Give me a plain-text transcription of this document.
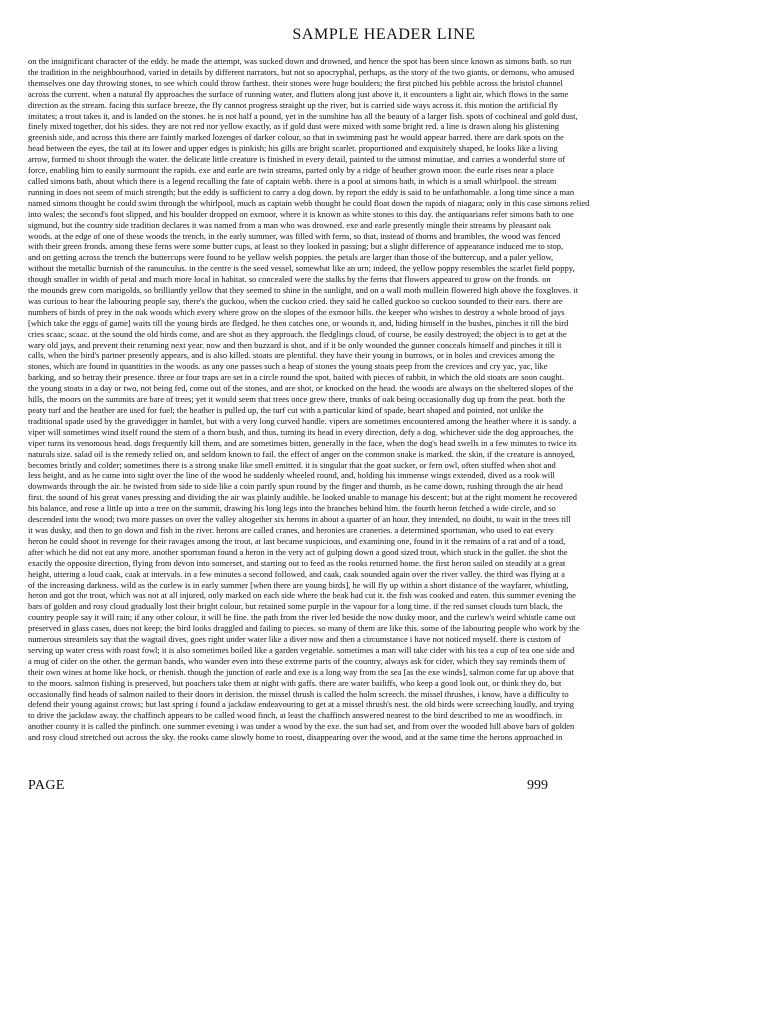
SAMPLE HEADER LINE
on the insignificant character of the eddy. he made the attempt, was sucked down and drowned, and hence the spot has been since known as simons bath. so run
the tradition in the neighbourhood, varied in details by different narrators, but not so apocryphal, perhaps, as the story of the two giants, or demons, who amused
themselves one day throwing stones, to see which could throw farthest. their stones were huge boulders; the first pitched his pebble across the bristol channel
across the current. when a natural fly approaches the surface of running water, and flutters along just above it, it encounters a light air, which flows in the same
direction as the stream. facing this surface breeze, the fly cannot progress straight up the river, but is carried side ways across it. this motion the artificial fly
imitates; a trout takes it, and is landed on the stones. he is not half a pound, yet in the sunshine has all the beauty of a larger fish. spots of cochineal and gold dust,
finely mixed together, dot his sides. they are not red nor yellow exactly, as if gold dust were mixed with some bright red. a line is drawn along his glistening
greenish side, and across this there are faintly marked lozenges of darker colour, so that in swimming past he would appear barred. there are dark spots on the
head between the eyes, the tail at its lower and upper edges is pinkish; his gills are bright scarlet. proportioned and exquisitely shaped, he looks like a living
arrow, formed to shoot through the water. the delicate little creature is finished in every detail, painted to the utmost minutiae, and carries a wonderful store of
force, enabling him to easily surmount the rapids. exe and earle are twin streams, parted only by a ridge of heather grown moor. the earle rises near a place
called simons bath, about which there is a legend recalling the fate of captain webb. there is a pool at simons bath, in which is a small whirlpool. the stream
running in does not seem of much strength; but the eddy is sufficient to carry a dog down. by report the eddy is said to be unfathomable. a long time since a man
named simons thought he could swim through the whirlpool, much as captain webb thought he could float down the rapids of niagara; only in this case simons relied
into wales; the second's foot slipped, and his boulder dropped on exmoor, where it is known as white stones to this day. the antiquarians refer simons bath to one
sigmund, but the country side tradition declares it was named from a man who was drowned. exe and earle presently mingle their streams by pleasant oak
woods. at the edge of one of these woods the trench, in the early summer, was filled with ferns, so that, instead of thorns and brambles, the wood was fenced
with their green fronds. among these ferns were some butter cups, at least so they looked in passing; but a slight difference of appearance induced me to stop,
and on getting across the trench the buttercups were found to be yellow welsh poppies. the petals are larger than those of the buttercup, and a paler yellow,
without the metallic burnish of the ranunculus. in the centre is the seed vessel, somewhat like an urn; indeed, the yellow poppy resembles the scarlet field poppy,
though smaller in width of petal and much more local in habitat. so concealed were the stalks by the ferns that flowers appeared to grow on the fronds. on
the mounds grew corn marigolds, so brilliantly yellow that they seemed to shine in the sunlight, and on a wall moth mullein flowered high above the foxgloves. it
was curious to hear the labouring people say, there's the guckoo, when the cuckoo cried. they said he called guckoo so cuckoo sounded to their ears. there are
numbers of birds of prey in the oak woods which every where grow on the slopes of the exmoor hills. the keeper who wishes to destroy a whole brood of jays
[which take the eggs of game] waits till the young birds are fledged. he then catches one, or wounds it, and, hiding himself in the bushes, pinches it till the bird
cries scaac, scaac. at the sound the old birds come, and are shot as they approach. the fledglings cloud, of course, be easily destroyed; the object is to get at the
wary old jays, and prevent their returning next year. now and then buzzard is shot, and if it be only wounded the gunner conceals himself and pinches it till it
calls, when the bird's partner presently appears, and is also killed. stoats are plentiful. they have their young in burrows, or in holes and crevices among the
stones, which are found in quantities in the woods. as any one passes such a heap of stones the young stoats peep from the crevices and cry yac, yac, like
barking, and so betray their presence. three or four traps are set in a circle round the spot, baited with pieces of rabbit, in which the old stoats are soon caught.
the young stoats in a day or two, not being fed, come out of the stones, and are shot, or knocked on the head. the woods are always on the sheltered slopes of the
hills, the moors on the summits are bare of trees; yet it would seem that trees once grew there, trunks of oak being occasionally dug up from the peat. both the
peaty turf and the heather are used for fuel; the heather is pulled up, the turf cut with a particular kind of spade, heart shaped and pointed, not unlike the
traditional spade used by the gravedigger in hamlet, but with a very long curved handle. vipers are sometimes encountered among the heather where it is sandy. a
viper will sometimes wind itself round the stem of a thorn bush, and thus, turning its head in every direction, defy a dog. whichever side the dog approaches, the
viper turns its venomous head. dogs frequently kill them, and are sometimes bitten, generally in the face, when the dog's head swells in a few minutes to twice its
naturals size. salad oil is the remedy relied on, and seldom known to fail. the effect of anger on the common snake is marked. the skin, if the creature is annoyed,
becomes bristly and colder; sometimes there is a strong snake like smell emitted. it is singular that the goat sucker, or fern owl, often stuffed when shot and
less height, and as he came into sight over the line of the wood he suddenly wheeled round, and, holding his immense wings extended, dived as a rook will
downwards through the air. he twisted from side to side like a coin partly spun round by the finger and thumb, as he came down, rushing through the air head
first. the sound of his great vanes pressing and dividing the air was plainly audible. he looked unable to manage his descent; but at the right moment he recovered
his balance, and rose a little up into a tree on the summit, drawing his long legs into the branches behind him. the fourth heron fetched a wide circle, and so
descended into the wood; two more passes on over the valley altogether six herons in about a quarter of an hour. they intended, no doubt, to wait in the trees till
it was dusky, and then to go down and fish in the river. herons are called cranes, and heronies are craneries. a determined sportsman, who used to eat every
heron he could shoot in revenge for their ravages among the trout, at last became suspicious, and examining one, found in it the remains of a rat and of a toad,
after which he did not eat any more. another sportsman found a heron in the very act of gulping down a good sized trout, which stuck in the gullet. the shot the
exactly the opposite direction, flying from devon into somerset, and starting out to feed as the rooks returned home. the first heron sailed on steadily at a great
height, uttering a loud caak, caak at intervals. in a few minutes a second followed, and caak, caak sounded again over the river valley. the third was flying at a
of the increasing darkness. wild as the curlew is in early summer [when there are young birds], he will fly up within a short distance of the wayfarer, whistling,
heron and got the trout, which was not at all injured, only marked on each side where the beak had cut it. the fish was cooked and eaten. this summer evening the
bars of golden and rosy cloud gradually lost their bright colour, but retained some purple in the vapour for a long time. if the red sunset clouds turn black, the
country people say it will rain; if any other colour, it will be fine. the path from the river led beside the now dusky moor, and the curlew's weird whistle came out
preserved in glass cases, does not keep; the bird looks draggled and failing to pieces. so many of them are like this. some of the labouring people who work by the
numerous streamlets say that the wagtail dives, goes right under water like a diver now and then a circumstance i have not noticed myself. there is custom of
serving up water cress with roast fowl; it is also sometimes boiled like a garden vegetable. sometimes a man will take cider with his tea a cup of tea one side and
a mug of cider on the other. the german bands, who wander even into these extreme parts of the country, always ask for cider, which they say reminds them of
their own wines at home like hock, or rhenish. though the junction of earle and exe is a long way from the sea [as the exe winds], salmon come far up above that
to the moors. salmon fishing is preserved, but poachers take them at night with gaffs. there are water bailiffs, who keep a good look out, or think they do, but
occasionally find heads of salmon nailed to their doors in derision. the missel thrush is called the holm screech. the missel thrushes, i know, have a difficulty to
defend their young against crows; but last spring i found a jackdaw endeavouring to get at a missel thrush's nest. the old birds were screeching loudly, and trying
to drive the jackdaw away. the chaffinch appears to be called wood finch, at least the chaffinch answered nearest to the bird described to me as woodfinch. in
another county it is called the pinfinch. one summer evening i was under a wood by the exe. the sun had set, and from over the wooded hill above bars of golden
and rosy cloud stretched out across the sky. the rooks came slowly home to roost, disappearing over the wood, and at the same time the herons approached in
PAGE	999
